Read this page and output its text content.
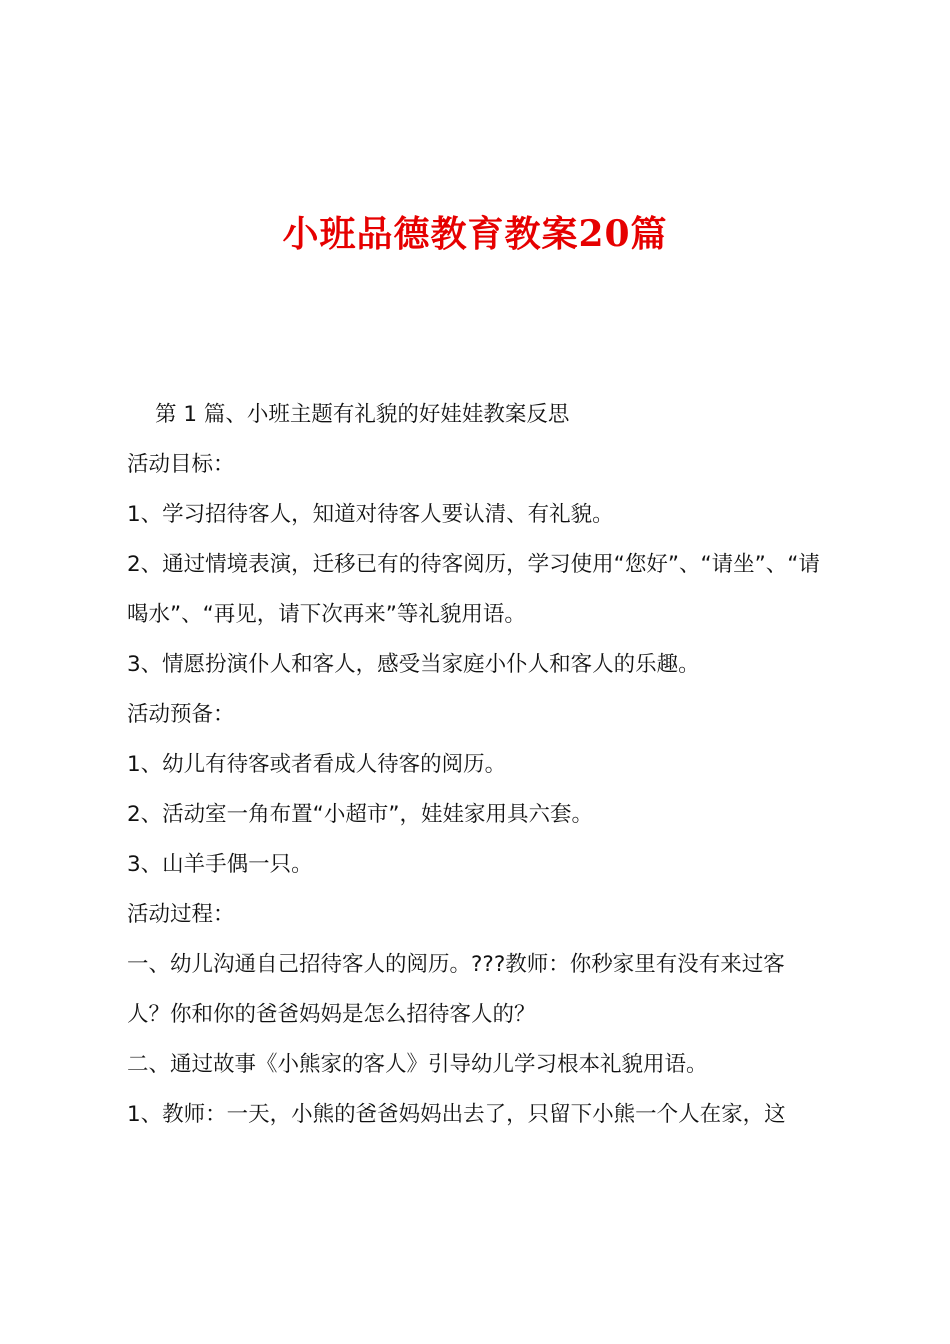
小班品德教育教案20篇

第 1 篇、小班主题有礼貌的好娃娃教案反思

活动目标：

1、学习招待客人，知道对待客人要认清、有礼貌。

2、通过情境表演，迁移已有的待客阅历，学习使用“您好”、“请坐”、“请

喝水”、“再见，请下次再来”等礼貌用语。

3、情愿扮演仆人和客人，感受当家庭小仆人和客人的乐趣。

活动预备：

1、幼儿有待客或者看成人待客的阅历。

2、活动室一角布置“小超市”，娃娃家用具六套。

3、山羊手偶一只。

活动过程：

一、幼儿沟通自己招待客人的阅历。???教师：你秒家里有没有来过客

人？你和你的爸爸妈妈是怎么招待客人的？

二、通过故事《小熊家的客人》引导幼儿学习根本礼貌用语。

1、教师：一天，小熊的爸爸妈妈出去了，只留下小熊一个人在家，这
